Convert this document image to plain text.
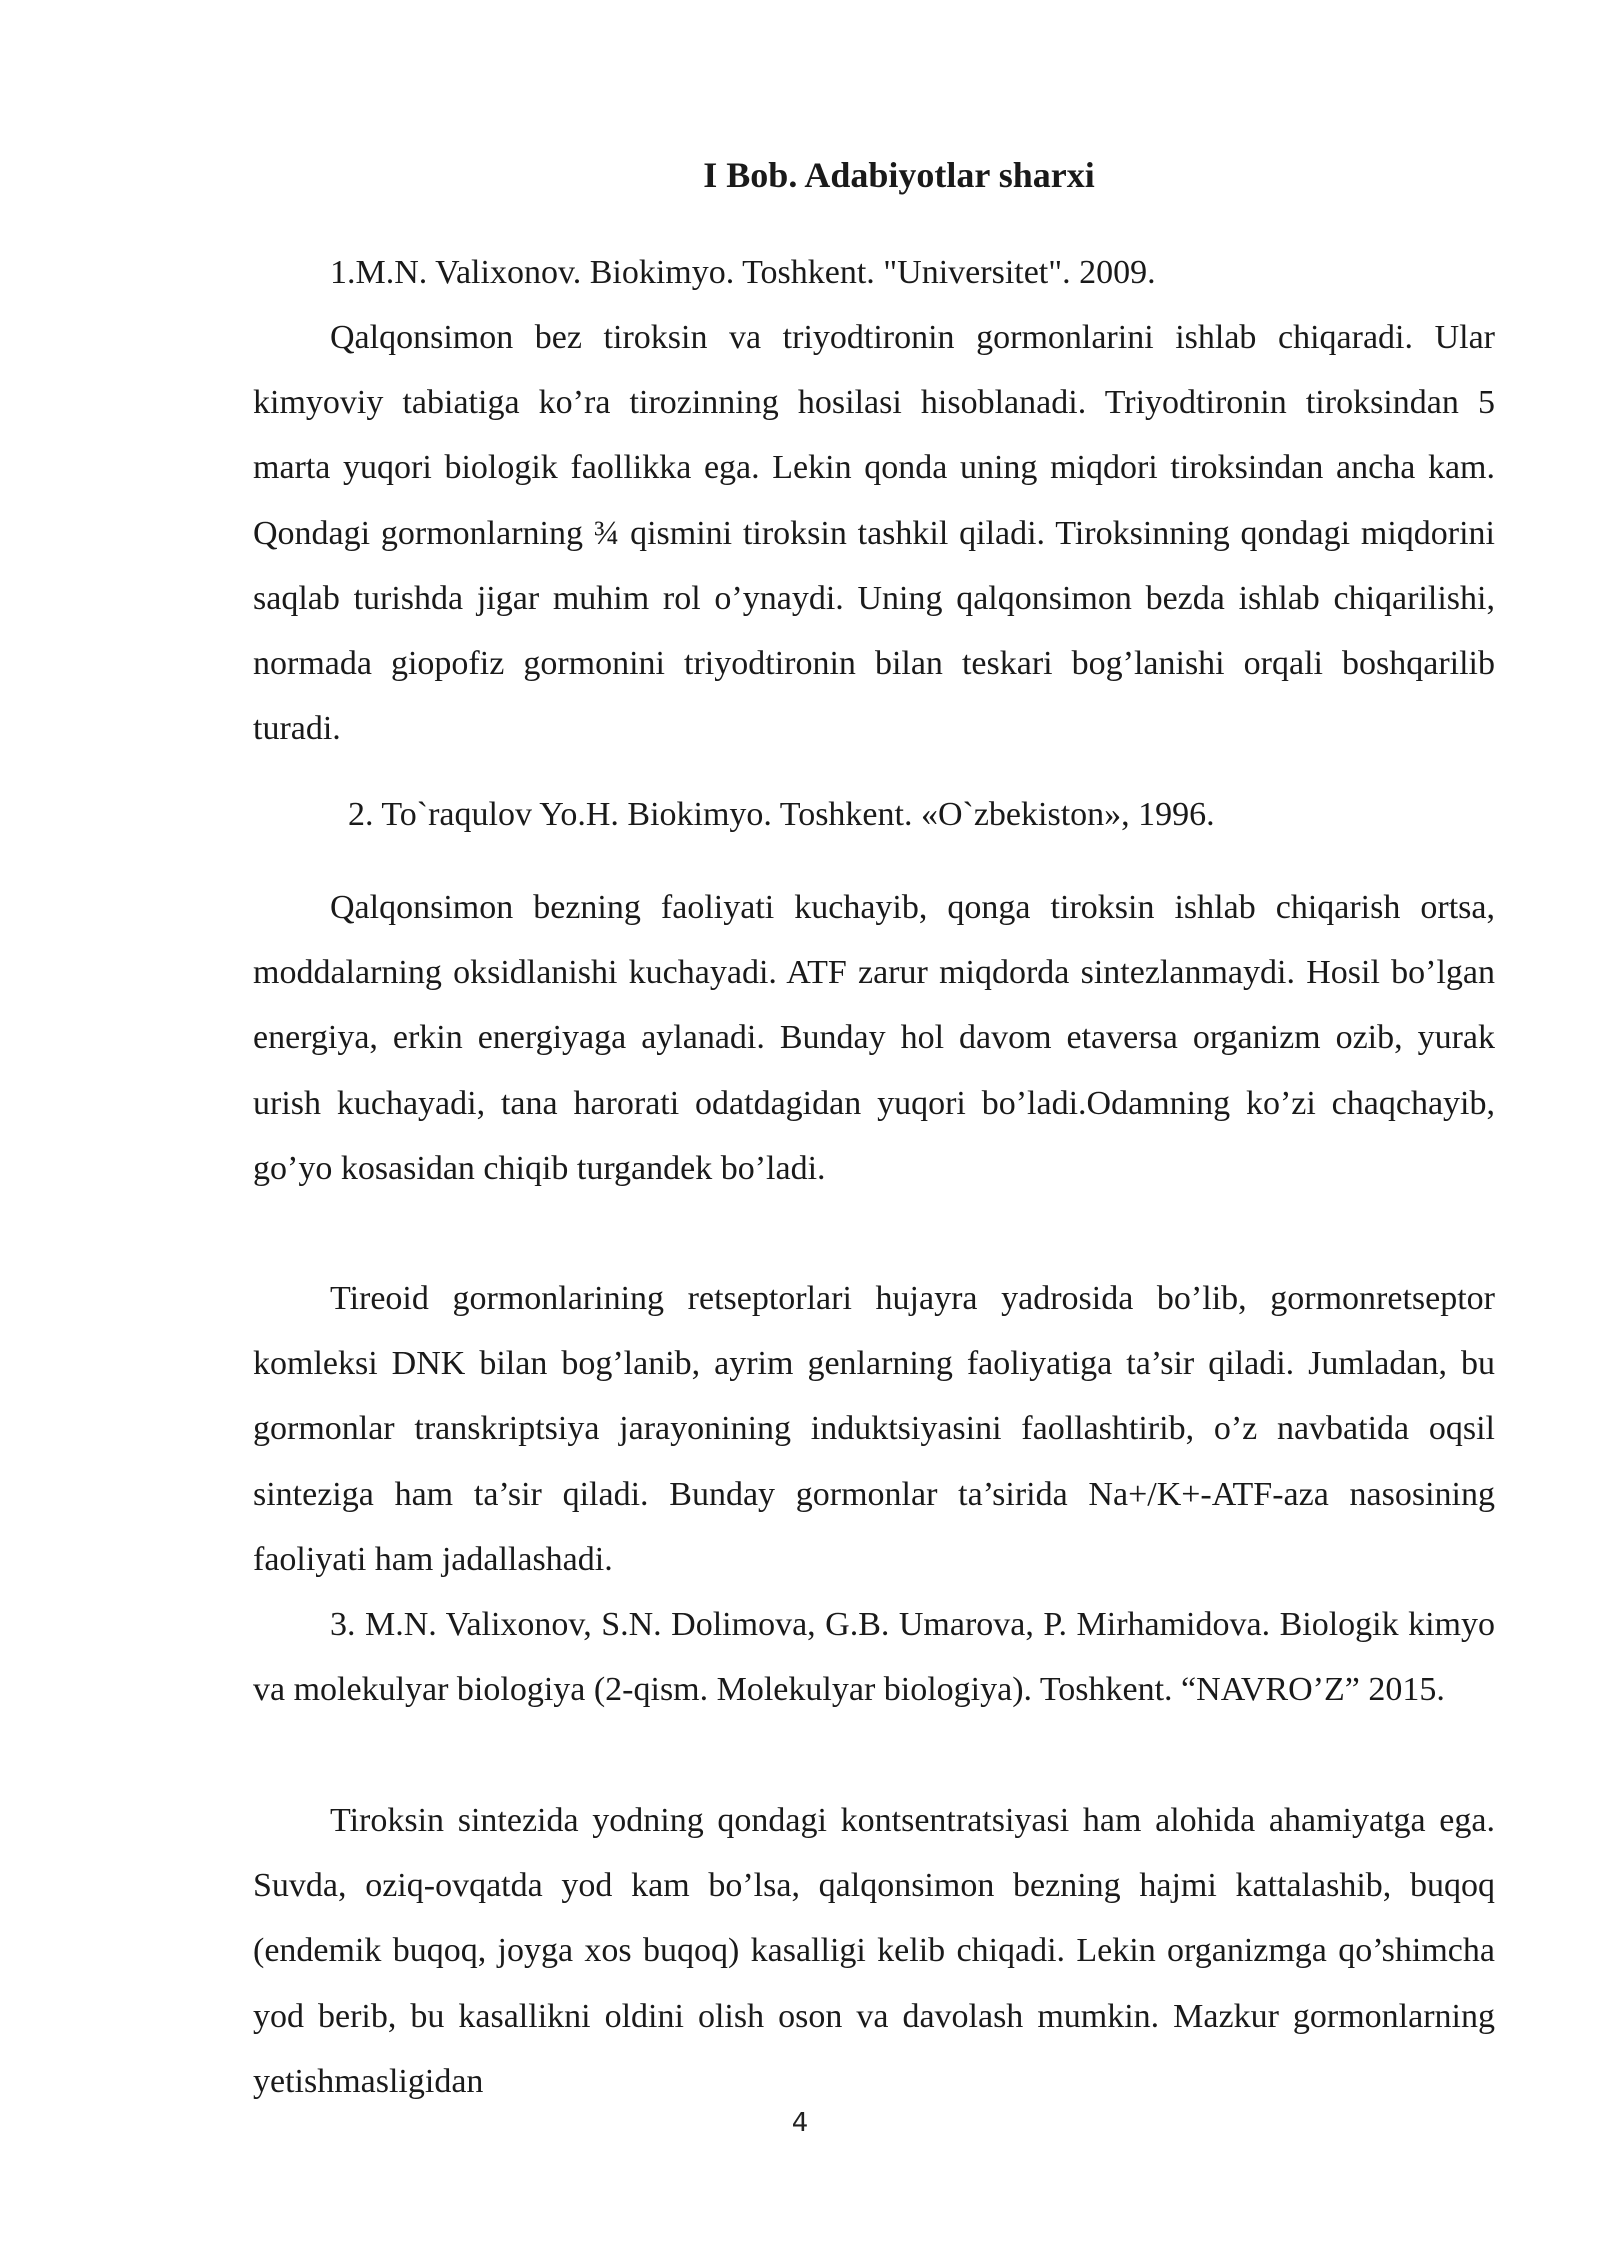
I Bob. Adabiyotlar sharxi

1.M.N. Valixonov. Biokimyo. Toshkent. "Universitet". 2009.

Qalqonsimon bez tiroksin va triyodtironin gormonlarini ishlab chiqaradi. Ular kimyoviy tabiatiga ko’ra tirozinning hosilasi hisoblanadi. Triyodtironin tiroksindan 5 marta yuqori biologik faollikka ega. Lekin qonda uning miqdori tiroksindan ancha kam. Qondagi gormonlarning ¾ qismini tiroksin tashkil qiladi. Tiroksinning qondagi miqdorini saqlab turishda jigar muhim rol o’ynaydi. Uning qalqonsimon bezda ishlab chiqarilishi, normada giopofiz gormonini triyodtironin bilan teskari bog’lanishi orqali boshqarilib turadi.

2. To`raqulov Yo.H. Biokimyo. Toshkent. «O`zbekiston», 1996.

Qalqonsimon bezning faoliyati kuchayib, qonga tiroksin ishlab chiqarish ortsa, moddalarning oksidlanishi kuchayadi. ATF zarur miqdorda sintezlanmaydi. Hosil bo’lgan energiya, erkin energiyaga aylanadi. Bunday hol davom etaversa organizm ozib, yurak urish kuchayadi, tana harorati odatdagidan yuqori bo’ladi.Odamning ko’zi chaqchayib, go’yo kosasidan chiqib turgandek bo’ladi.

Tireoid gormonlarining retseptorlari hujayra yadrosida bo’lib, gormonretseptor komleksi DNK bilan bog’lanib, ayrim genlarning faoliyatiga ta’sir qiladi. Jumladan, bu gormonlar transkriptsiya jarayonining induktsiyasini faollashtirib, o’z navbatida oqsil sinteziga ham ta’sir qiladi. Bunday gormonlar ta’sirida Na+/K+-ATF-aza nasosining faoliyati ham jadallashadi.

3. M.N. Valixonov, S.N. Dolimova, G.B. Umarova, P. Mirhamidova. Biologik kimyo va molekulyar biologiya (2-qism. Molekulyar biologiya). Toshkent. “NAVRO’Z” 2015.

Tiroksin sintezida yodning qondagi kontsentratsiyasi ham alohida ahamiyatga ega. Suvda, oziq-ovqatda yod kam bo’lsa, qalqonsimon bezning hajmi kattalashib, buqoq (endemik buqoq, joyga xos buqoq) kasalligi kelib chiqadi. Lekin organizmga qo’shimcha yod berib, bu kasallikni oldini olish oson va davolash mumkin. Mazkur gormonlarning yetishmasligidan

4
